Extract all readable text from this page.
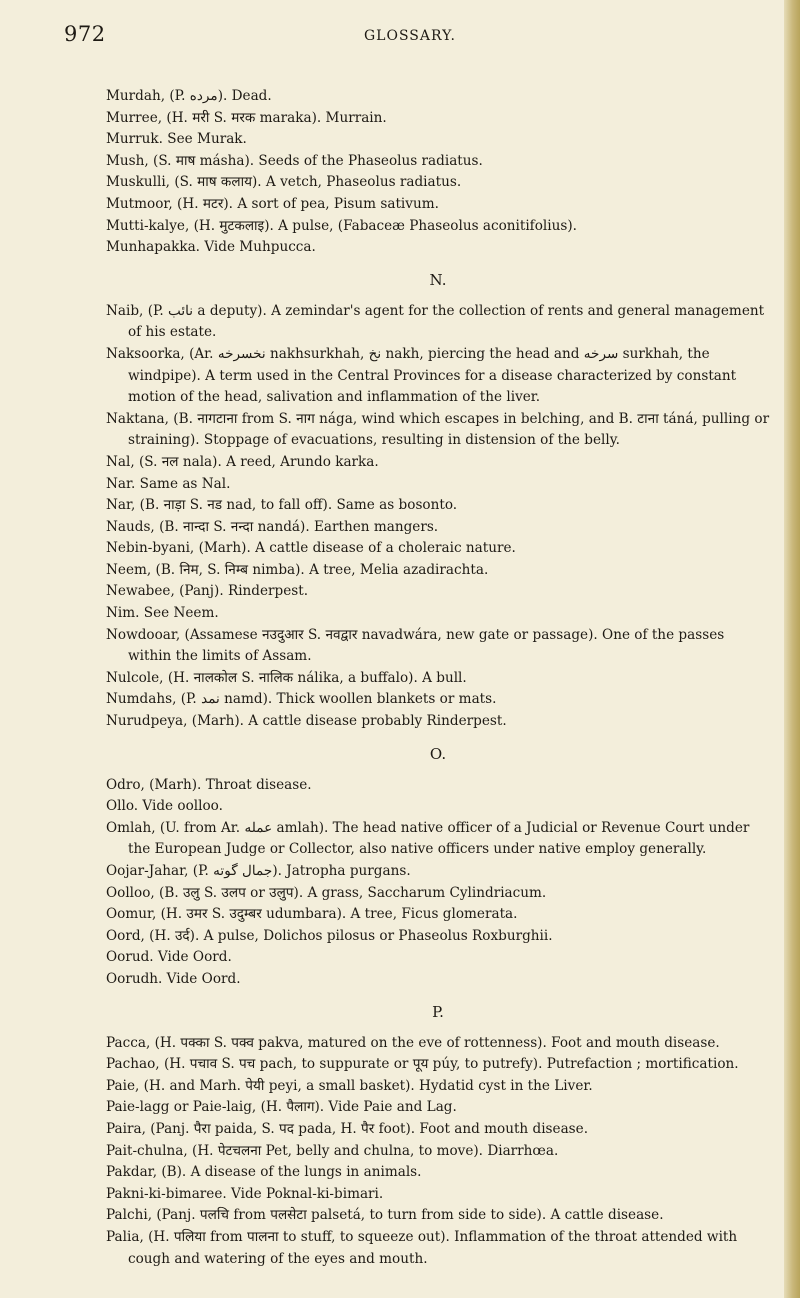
972	GLOSSARY.

Murdah, (P. مرده). Dead.

Murree, (H. मरी S. मरक maraka). Murrain.

Murruk. See Murak.

Mush, (S. माष másha). Seeds of the Phaseolus radiatus.

Muskulli, (S. माष कलाय). A vetch, Phaseolus radiatus.

Mutmoor, (H. मटर). A sort of pea, Pisum sativum.

Mutti-kalye, (H. मुटकलाइ). A pulse, (Fabaceæ Phaseolus aconitifolius).

Munhapakka. Vide Muhpucca.

N.

Naib, (P. نائب a deputy). A zemindar's agent for the collection of rents and general management of his estate.

Naksoorka, (Ar. نخسرخه nakhsurkhah, نخ nakh, piercing the head and سرخه surkhah, the windpipe). A term used in the Central Provinces for a disease characterized by constant motion of the head, salivation and inflammation of the liver.

Naktana, (B. नागटाना from S. नाग nága, wind which escapes in belching, and B. टाना táná, pulling or straining). Stoppage of evacuations, resulting in distension of the belly.

Nal, (S. नल nala). A reed, Arundo karka.

Nar. Same as Nal.

Nar, (B. नाड़ा S. नड nad, to fall off). Same as bosonto.

Nauds, (B. नान्दा S. नन्दा nandá). Earthen mangers.

Nebin-byani, (Marh). A cattle disease of a choleraic nature.

Neem, (B. निम, S. निम्ब nimba). A tree, Melia azadirachta.

Newabee, (Panj). Rinderpest.

Nim. See Neem.

Nowdooar, (Assamese नउदुआर S. नवद्वार navadwára, new gate or passage). One of the passes within the limits of Assam.

Nulcole, (H. नालकोल S. नालिक nálika, a buffalo). A bull.

Numdahs, (P. نمد namd). Thick woollen blankets or mats.

Nurudpeya, (Marh). A cattle disease probably Rinderpest.

O.

Odro, (Marh). Throat disease.

Ollo. Vide oolloo.

Omlah, (U. from Ar. عمله amlah). The head native officer of a Judicial or Revenue Court under the European Judge or Collector, also native officers under native employ generally.

Oojar-Jahar, (P. جمال گوته). Jatropha purgans.

Oolloo, (B. उलु S. उलप or उलुप). A grass, Saccharum Cylindriacum.

Oomur, (H. उमर S. उदुम्बर udumbara). A tree, Ficus glomerata.

Oord, (H. उर्द). A pulse, Dolichos pilosus or Phaseolus Roxburghii.

Oorud. Vide Oord.

Oorudh. Vide Oord.

P.

Pacca, (H. पक्का S. पक्व pakva, matured on the eve of rottenness). Foot and mouth disease.

Pachao, (H. पचाव S. पच pach, to suppurate or पूय púy, to putrefy). Putrefaction ; mortification.

Paie, (H. and Marh. पेयी peyi, a small basket). Hydatid cyst in the Liver.

Paie-lagg or Paie-laig, (H. पैलाग). Vide Paie and Lag.

Paira, (Panj. पैरा paida, S. पद pada, H. पैर foot). Foot and mouth disease.

Pait-chulna, (H. पेटचलना Pet, belly and chulna, to move). Diarrhœa.

Pakdar, (B). A disease of the lungs in animals.

Pakni-ki-bimaree. Vide Poknal-ki-bimari.

Palchi, (Panj. पलचि from पलसेटा palsetá, to turn from side to side). A cattle disease.

Palia, (H. पलिया from पालना to stuff, to squeeze out). Inflammation of the throat attended with cough and watering of the eyes and mouth.
